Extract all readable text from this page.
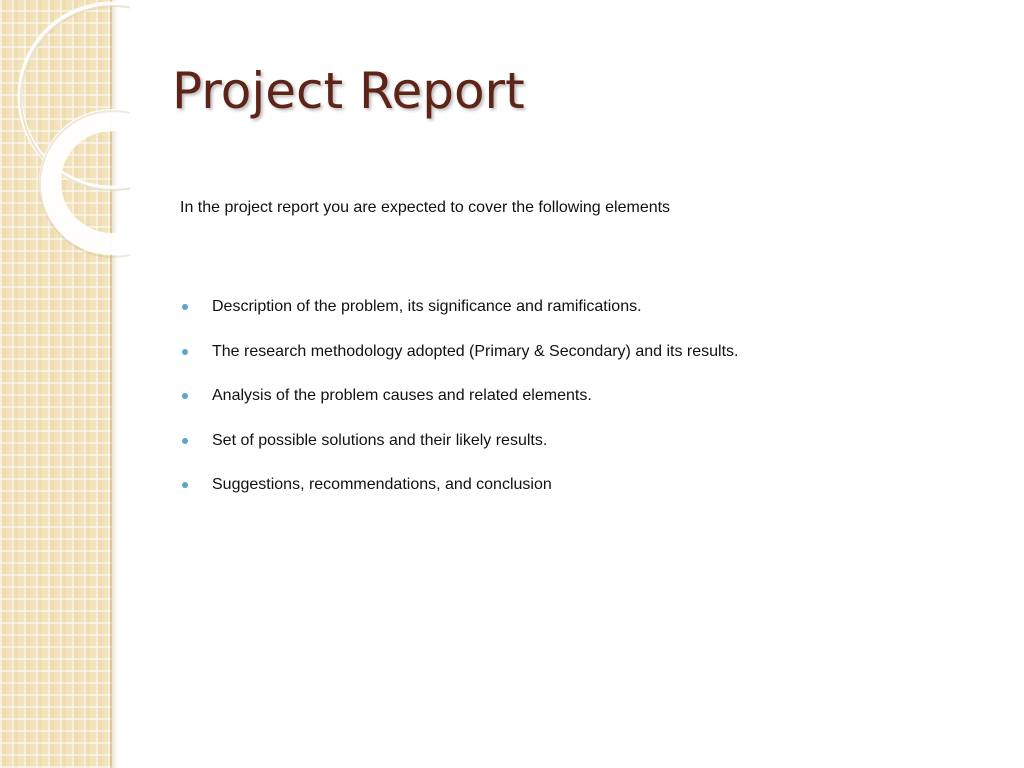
Project Report

In the project report you are expected to cover the following elements

Description of the problem, its significance and ramifications.
The research methodology adopted (Primary & Secondary) and its results.
Analysis of the problem causes and related elements.
Set of possible solutions and their likely results.
Suggestions, recommendations, and conclusion
